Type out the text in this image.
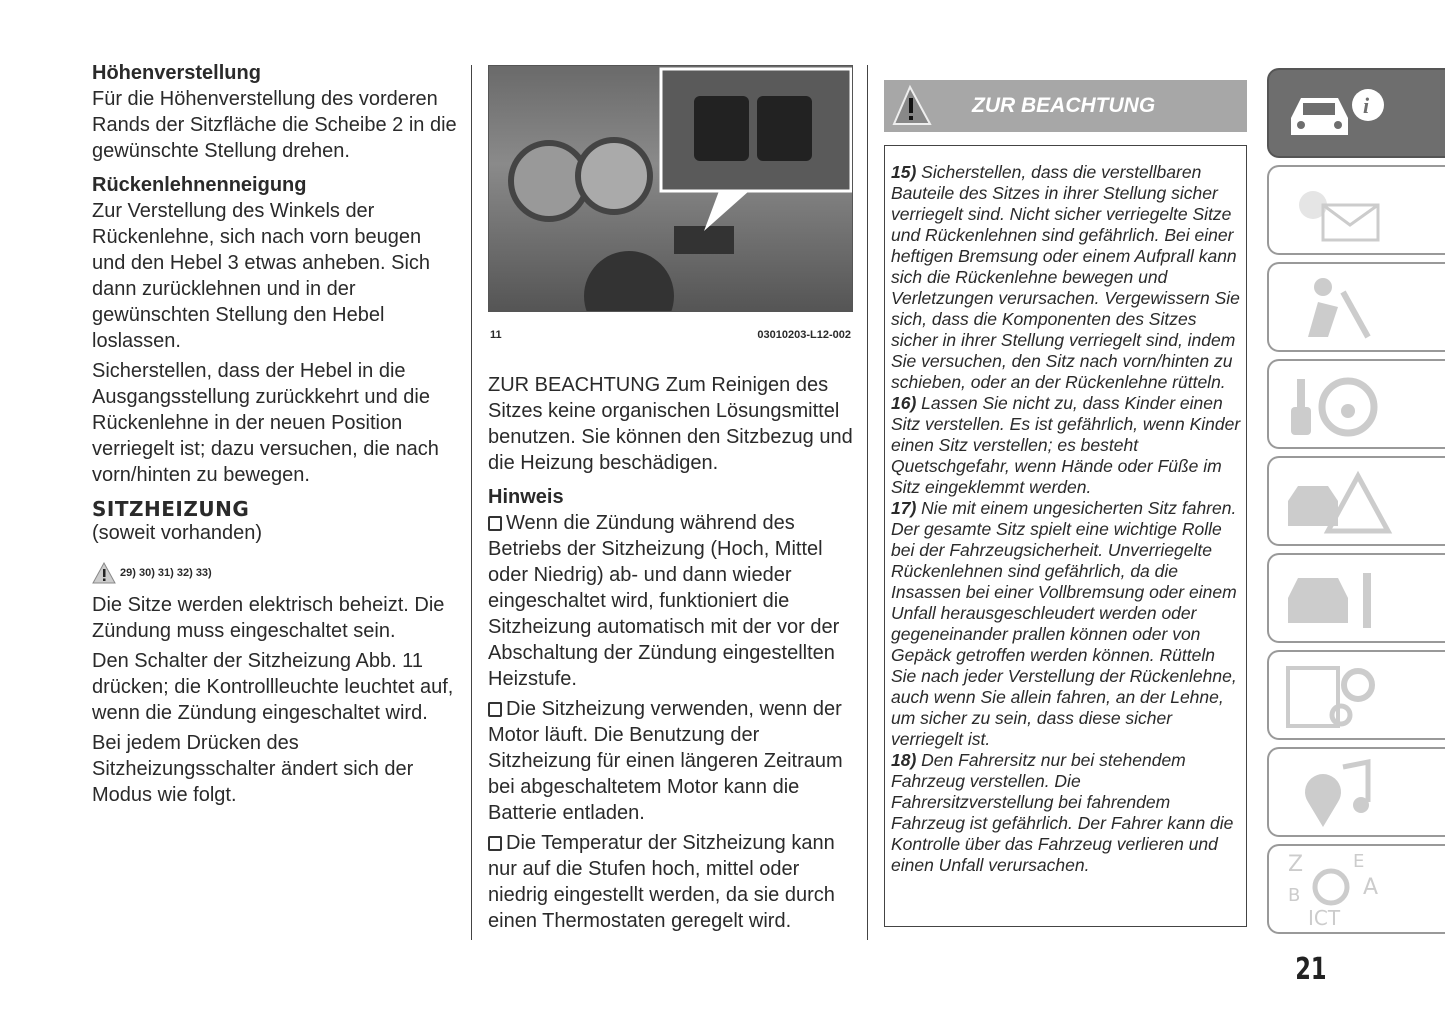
Höhenverstellung

Für die Höhenverstellung des vorderen Rands der Sitzfläche die Scheibe 2 in die gewünschte Stellung drehen.

Rückenlehnenneigung

Zur Verstellung des Winkels der Rückenlehne, sich nach vorn beugen und den Hebel 3 etwas anheben. Sich dann zurücklehnen und in der gewünschten Stellung den Hebel loslassen.

Sicherstellen, dass der Hebel in die Ausgangsstellung zurückkehrt und die Rückenlehne in der neuen Position verriegelt ist; dazu versuchen, die nach vorn/hinten zu bewegen.

SITZHEIZUNG
(soweit vorhanden)
29) 30) 31) 32) 33)

Die Sitze werden elektrisch beheizt. Die Zündung muss eingeschaltet sein.

Den Schalter der Sitzheizung Abb. 11 drücken; die Kontrollleuchte leuchtet auf, wenn die Zündung eingeschaltet wird.

Bei jedem Drücken des Sitzheizungsschalter ändert sich der Modus wie folgt.

11	03010203-L12-002

ZUR BEACHTUNG Zum Reinigen des Sitzes keine organischen Lösungsmittel benutzen. Sie können den Sitzbezug und die Heizung beschädigen.

Hinweis

Wenn die Zündung während des Betriebs der Sitzheizung (Hoch, Mittel oder Niedrig) ab- und dann wieder eingeschaltet wird, funktioniert die Sitzheizung automatisch mit der vor der Abschaltung der Zündung eingestellten Heizstufe.

Die Sitzheizung verwenden, wenn der Motor läuft. Die Benutzung der Sitzheizung für einen längeren Zeitraum bei abgeschaltetem Motor kann die Batterie entladen.

Die Temperatur der Sitzheizung kann nur auf die Stufen hoch, mittel oder niedrig eingestellt werden, da sie durch einen Thermostaten geregelt wird.

ZUR BEACHTUNG
15) Sicherstellen, dass die verstellbaren Bauteile des Sitzes in ihrer Stellung sicher verriegelt sind. Nicht sicher verriegelte Sitze und Rückenlehnen sind gefährlich. Bei einer heftigen Bremsung oder einem Aufprall kann sich die Rückenlehne bewegen und Verletzungen verursachen. Vergewissern Sie sich, dass die Komponenten des Sitzes sicher in ihrer Stellung verriegelt sind, indem Sie versuchen, den Sitz nach vorn/hinten zu schieben, oder an der Rückenlehne rütteln.
16) Lassen Sie nicht zu, dass Kinder einen Sitz verstellen. Es ist gefährlich, wenn Kinder einen Sitz verstellen; es besteht Quetschgefahr, wenn Hände oder Füße im Sitz eingeklemmt werden.
17) Nie mit einem ungesicherten Sitz fahren. Der gesamte Sitz spielt eine wichtige Rolle bei der Fahrzeugsicherheit. Unverriegelte Rückenlehnen sind gefährlich, da die Insassen bei einer Vollbremsung oder einem Unfall herausgeschleudert werden oder gegeneinander prallen können oder von Gepäck getroffen werden können. Rütteln Sie nach jeder Verstellung der Rückenlehne, auch wenn Sie allein fahren, an der Lehne, um sicher zu sein, dass diese sicher verriegelt ist.
18) Den Fahrersitz nur bei stehendem Fahrzeug verstellen. Die Fahrersitzverstellung bei fahrendem Fahrzeug ist gefährlich. Der Fahrer kann die Kontrolle über das Fahrzeug verlieren und einen Unfall verursachen.
i
Z	E
A
B
ICT
21
